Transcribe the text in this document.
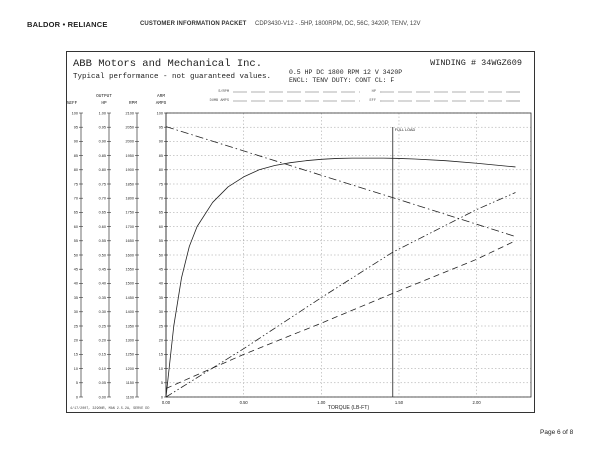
BALDOR • RELIANCE	CUSTOMER INFORMATION PACKET CDP3430-V12 - .5HP, 1800RPM, DC, 56C, 3420P, TENV, 12V
ABB Motors and Mechanical Inc.
Typical performance - not guaranteed values.
WINDING # 34WGZ609
0.5 HP DC 1800 RPM 12 V 3420P
ENCL: TENV DUTY: CONT CL: F
S/RPM	HP
DUMB AMPS	EFF
0
5
10
15
20
25
30
35
40
45
50
55
60
65
70
75
80
85
90
95
100
%EFF
0.00
0.05
0.10
0.15
0.20
0.25
0.30
0.35
0.40
0.45
0.50
0.55
0.60
0.65
0.70
0.75
0.80
0.85
0.90
0.95
1.00
OUTPUT
HP
1100
1150
1200
1250
1300
1350
1400
1450
1500
1550
1600
1650
1700
1750
1800
1850
1900
1950
2000
2050
2100
RPM
0
5
10
15
20
25
30
35
40
45
50
55
60
65
70
75
80
85
90
95
100
ARM
AMPS
0.00	0.50	1.00	1.50	2.00
TORQUE (LB-FT)
4/17/2007, 3290NR, MAN 2.5.2A, SERVE DD
FULL LOAD
Page 6 of 8
